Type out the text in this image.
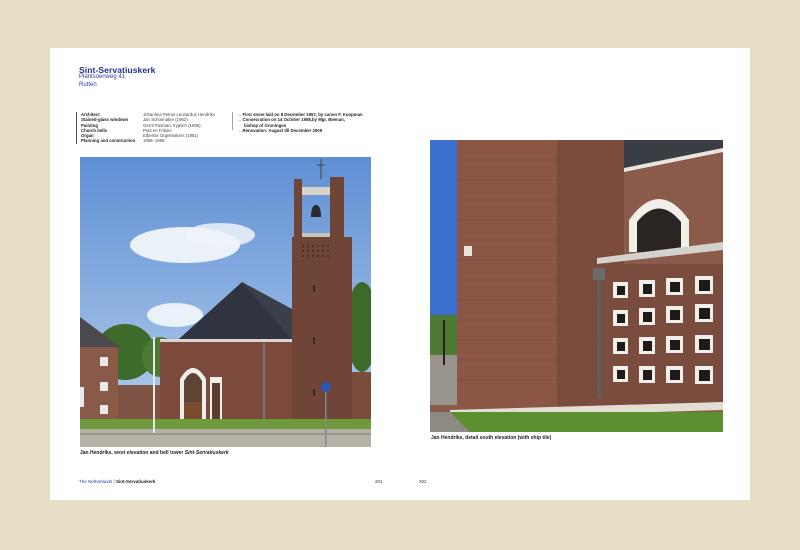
Sint-Servatiuskerk
Plantsoenweg 41
Rutten
Architect	Johannes Petrus Leonardus Hendriks
Stained-glass windows	Jan Schoenaker (1962)
Painting	Gerrit Pasman, tryptich (1986)
Church bells	Petit en Fritsen
Organ	Elbertse Orgelmakers (1981)
Planning and construction	1956–1958
→ First stone laid on 8 December 1957, by canon F. Koopman
→ Consecration on 14 October 1958,by Mgr. Bieman,
bishop of Groningen
→ Renovation: August till December 2009
Jan Hendriks, west elevation and bell tower Sint-Servatiuskerk
Jan Hendriks, detail south elevation (with ship tile)
The Netherlands | Sint-Servatiuskerk	201	202
